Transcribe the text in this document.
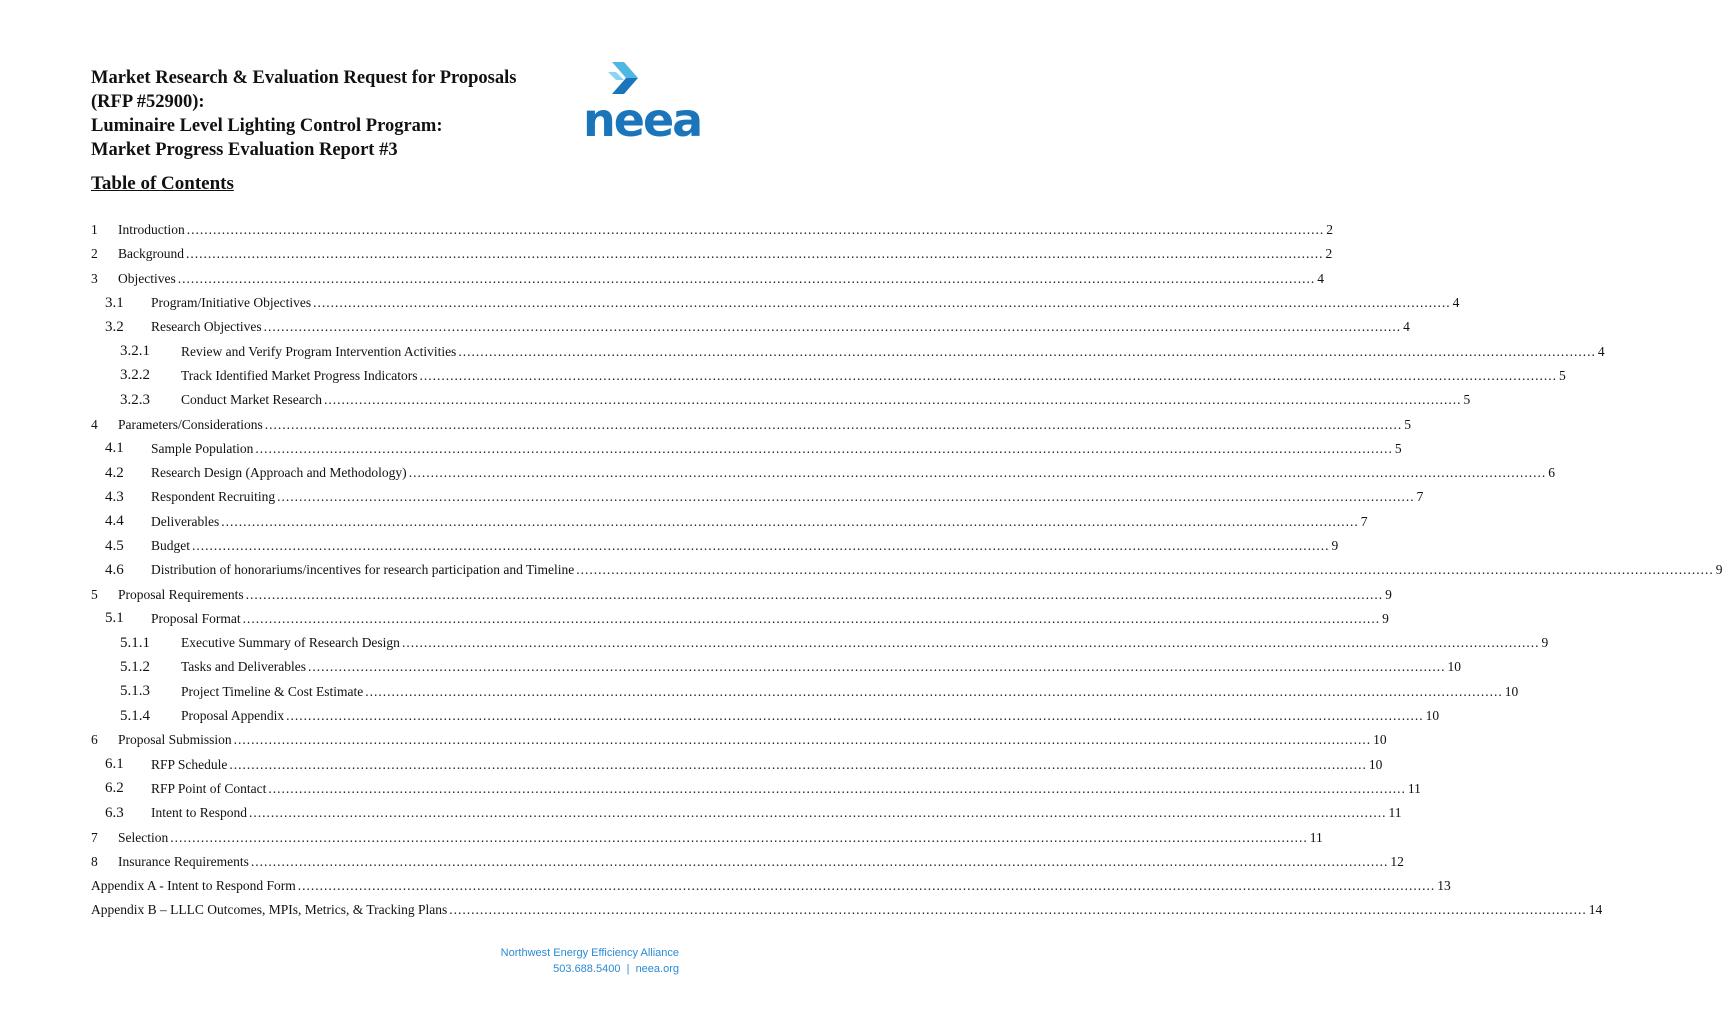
Market Research & Evaluation Request for Proposals
(RFP #52900):
Luminaire Level Lighting Control Program:
Market Progress Evaluation Report #3
neea
Table of Contents
1	Introduction .................................................................................................................................................................................................................................................................... 2
2	Background .................................................................................................................................................................................................................................................................... 2
3	Objectives .................................................................................................................................................................................................................................................................... 4
3.1	Program/Initiative Objectives .................................................................................................................................................................................................................................................................... 4
3.2	Research Objectives .................................................................................................................................................................................................................................................................... 4
3.2.1	Review and Verify Program Intervention Activities .................................................................................................................................................................................................................................................................... 4
3.2.2	Track Identified Market Progress Indicators .................................................................................................................................................................................................................................................................... 5
3.2.3	Conduct Market Research .................................................................................................................................................................................................................................................................... 5
4	Parameters/Considerations .................................................................................................................................................................................................................................................................... 5
4.1	Sample Population .................................................................................................................................................................................................................................................................... 5
4.2	Research Design (Approach and Methodology) .................................................................................................................................................................................................................................................................... 6
4.3	Respondent Recruiting .................................................................................................................................................................................................................................................................... 7
4.4	Deliverables .................................................................................................................................................................................................................................................................... 7
4.5	Budget .................................................................................................................................................................................................................................................................... 9
4.6	Distribution of honorariums/incentives for research participation and Timeline .................................................................................................................................................................................................................................................................... 9
5	Proposal Requirements .................................................................................................................................................................................................................................................................... 9
5.1	Proposal Format .................................................................................................................................................................................................................................................................... 9
5.1.1	Executive Summary of Research Design .................................................................................................................................................................................................................................................................... 9
5.1.2	Tasks and Deliverables .................................................................................................................................................................................................................................................................... 10
5.1.3	Project Timeline & Cost Estimate .................................................................................................................................................................................................................................................................... 10
5.1.4	Proposal Appendix .................................................................................................................................................................................................................................................................... 10
6	Proposal Submission .................................................................................................................................................................................................................................................................... 10
6.1	RFP Schedule .................................................................................................................................................................................................................................................................... 10
6.2	RFP Point of Contact .................................................................................................................................................................................................................................................................... 11
6.3	Intent to Respond .................................................................................................................................................................................................................................................................... 11
7	Selection .................................................................................................................................................................................................................................................................... 11
8	Insurance Requirements .................................................................................................................................................................................................................................................................... 12
Appendix A - Intent to Respond Form .................................................................................................................................................................................................................................................................... 13
Appendix B – LLLC Outcomes, MPIs, Metrics, & Tracking Plans .................................................................................................................................................................................................................................................................... 14
Northwest Energy Efficiency Alliance
503.688.5400 | neea.org
